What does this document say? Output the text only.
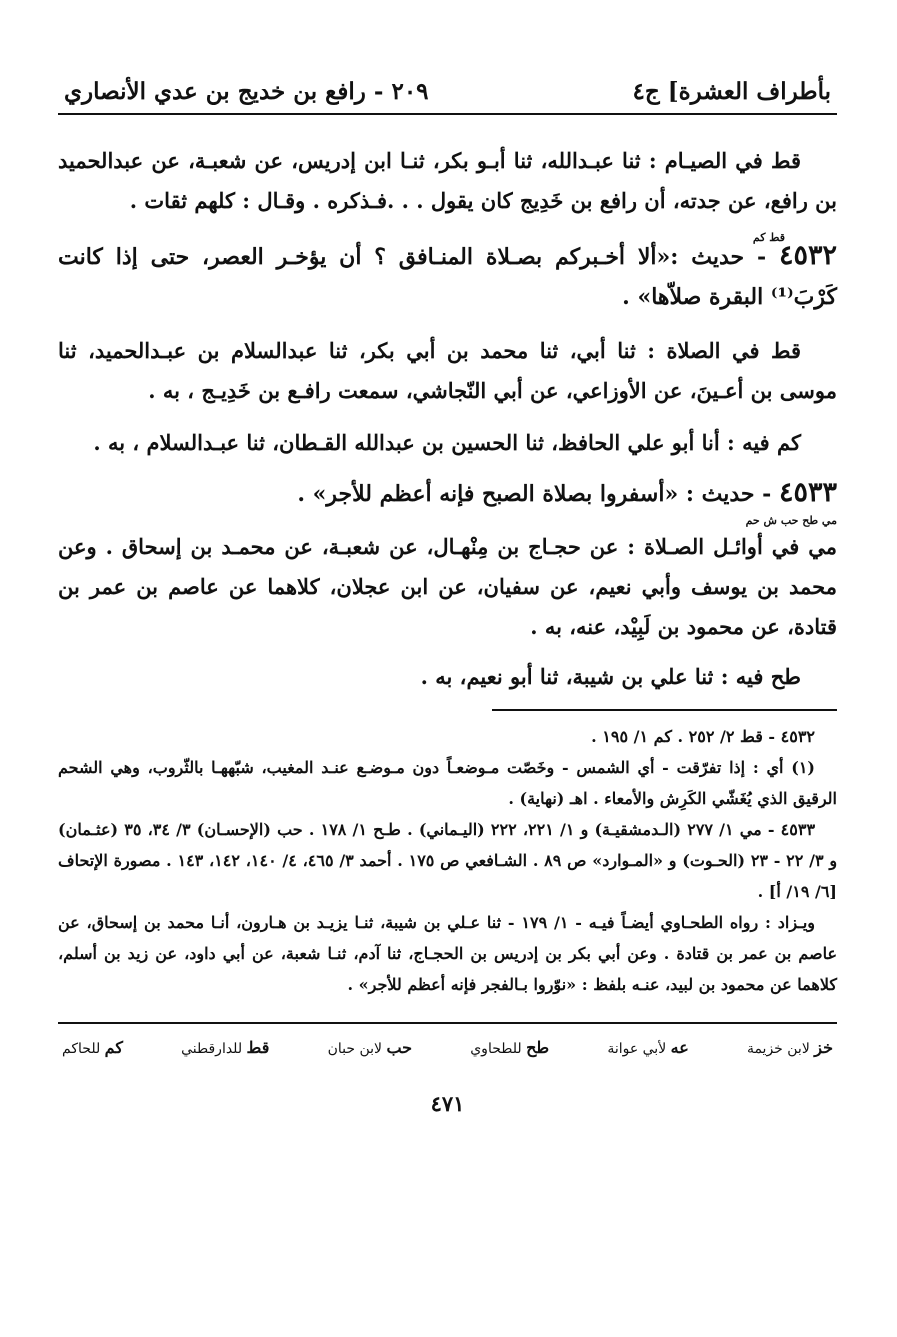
بأطراف العشرة] ج٤
٢٠٩ - رافع بن خديج بن عدي الأنصاري

قط في الصيـام : ثنا عبـدالله، ثنا أبـو بكر، ثنـا ابن إدريس، عن شعبـة، عن عبدالحميد بن رافع، عن جدته، أن رافع بن خَدِيج كان يقول . . .فـذكره . وقـال : كلهم ثقات .

قط كم

٤٥٣٢ - حديث :«ألا أخـبركم بصـلاة المنـافق ؟ أن يؤخـر العصر، حتى إذا كانت كَرْبَ⁽¹⁾ البقرة صلاّها» .

قط في الصلاة : ثنا أبي، ثنا محمد بن أبي بكر، ثنا عبدالسلام بن عبـدالحميد، ثنا موسى بن أعـينَ، عن الأوزاعي، عن أبي النّجاشي، سمعت رافـع بن خَدِيـج ، به .

كم فيه : أنا أبو علي الحافظ، ثنا الحسين بن عبدالله القـطان، ثنا عبـدالسلام ، به .

٤٥٣٣ - حديث : «أسفروا بصلاة الصبح فإنه أعظم للأجر» .

مي طح حب ش حم

مي في أوائـل الصـلاة : عن حجـاج بن مِنْهـال، عن شعبـة، عن محمـد بن إسحاق . وعن محمد بن يوسف وأبي نعيم، عن سفيان، عن ابن عجلان، كلاهما عن عاصم بن عمر بن قتادة، عن محمود بن لَبِيْد، عنه، به .

طح فيه : ثنا علي بن شيبة، ثنا أبو نعيم، به .

٤٥٣٢ - قط ٢/ ٢٥٢ . كم ١/ ١٩٥ .

(١) أي : إذا تفرّقت - أي الشمس - وخَصّت مـوضعـاً دون مـوضـع عنـد المغيب، شبّههـا بالثّروب، وهي الشحم الرقيق الذي يُغَشّي الكَرِش والأمعاء . اهـ (نهاية) .

٤٥٣٣ - مي ١/ ٢٧٧ (الـدمشقيـة) و ١/ ٢٢١، ٢٢٢ (اليـماني) . طـح ١/ ١٧٨ . حب (الإحسـان) ٣/ ٣٤، ٣٥ (عثـمان) و ٣/ ٢٢ - ٢٣ (الحـوت) و «المـوارد» ص ٨٩ . الشـافعي ص ١٧٥ . أحمد ٣/ ٤٦٥، ٤/ ١٤٠، ١٤٢، ١٤٣ . مصورة الإتحاف [٦/ ١٩/ أ] .

ويـزاد : رواه الطحـاوي أيضـاً فيـه - ١/ ١٧٩ - ثنا عـلي بن شيبة، ثنـا يزيـد بن هـارون، أنـا محمد بن إسحاق، عن عاصم بن عمر بن قتادة . وعن أبي بكر بن إدريس بن الحجـاج، ثنا آدم، ثنـا شعبة، عن أبي داود، عن زيد بن أسلم، كلاهما عن محمود بن لبيد، عنـه بلفظ : «نوّروا بـالفجر فإنه أعظم للأجر» .

خز لابن خزيمة
عه لأبي عوانة
طح للطحاوي
حب لابن حبان
قط للدارقطني
كم للحاكم
٤٧١
